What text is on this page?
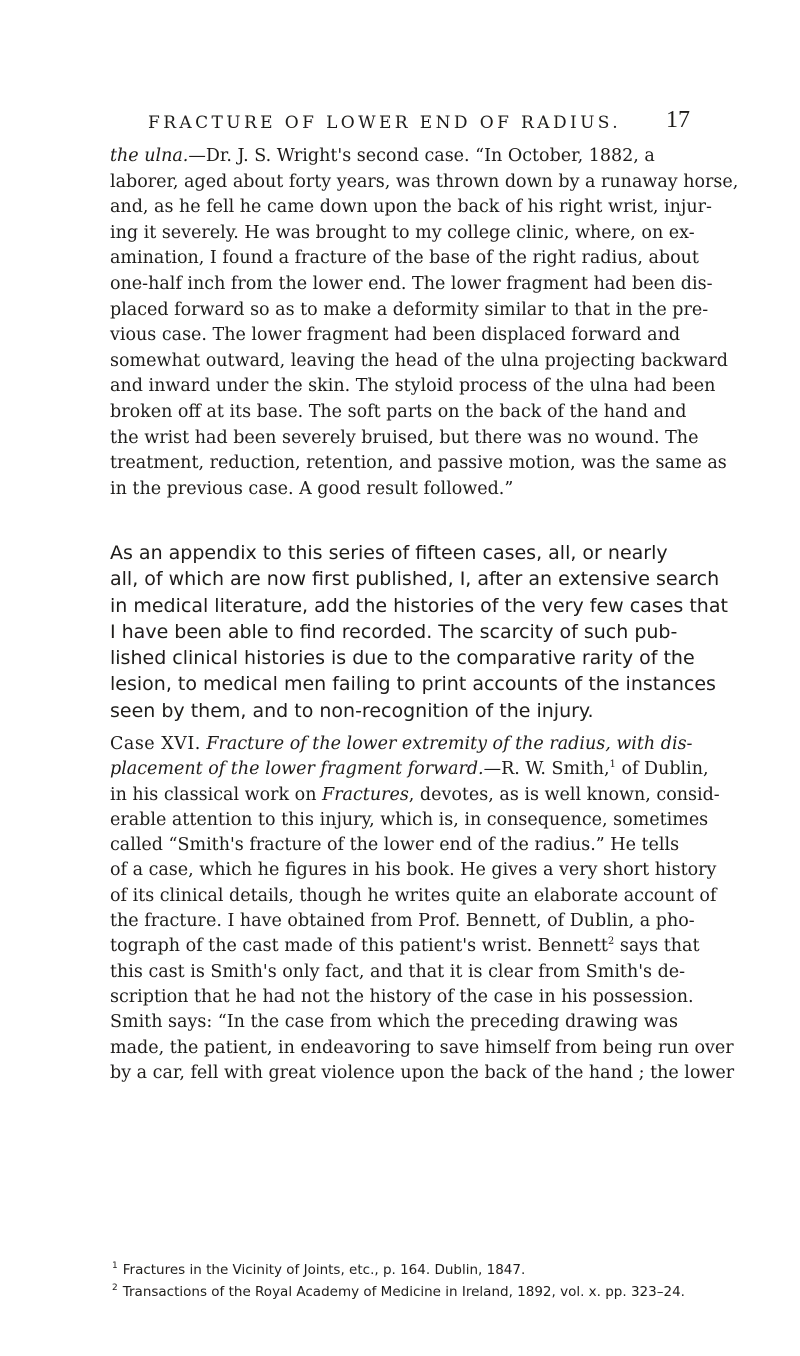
FRACTURE OF LOWER END OF RADIUS.	17
the ulna.—Dr. J. S. Wright's second case. “In October, 1882, a
laborer, aged about forty years, was thrown down by a runaway horse,
and, as he fell he came down upon the back of his right wrist, injur-
ing it severely. He was brought to my college clinic, where, on ex-
amination, I found a fracture of the base of the right radius, about
one-half inch from the lower end. The lower fragment had been dis-
placed forward so as to make a deformity similar to that in the pre-
vious case. The lower fragment had been displaced forward and
somewhat outward, leaving the head of the ulna projecting backward
and inward under the skin. The styloid process of the ulna had been
broken off at its base. The soft parts on the back of the hand and
the wrist had been severely bruised, but there was no wound. The
treatment, reduction, retention, and passive motion, was the same as
in the previous case. A good result followed.”
As an appendix to this series of fifteen cases, all, or nearly
all, of which are now first published, I, after an extensive search
in medical literature, add the histories of the very few cases that
I have been able to find recorded. The scarcity of such pub-
lished clinical histories is due to the comparative rarity of the
lesion, to medical men failing to print accounts of the instances
seen by them, and to non-recognition of the injury.
Case XVI. Fracture of the lower extremity of the radius, with dis-
placement of the lower fragment forward.—R. W. Smith,$^1$ of Dublin,
in his classical work on Fractures, devotes, as is well known, consid-
erable attention to this injury, which is, in consequence, sometimes
called “Smith's fracture of the lower end of the radius.” He tells
of a case, which he figures in his book. He gives a very short history
of its clinical details, though he writes quite an elaborate account of
the fracture. I have obtained from Prof. Bennett, of Dublin, a pho-
tograph of the cast made of this patient's wrist. Bennett$^2$ says that
this cast is Smith's only fact, and that it is clear from Smith's de-
scription that he had not the history of the case in his possession.
Smith says: “In the case from which the preceding drawing was
made, the patient, in endeavoring to save himself from being run over
by a car, fell with great violence upon the back of the hand ; the lower
$^1$ Fractures in the Vicinity of Joints, etc., p. 164. Dublin, 1847.
$^2$ Transactions of the Royal Academy of Medicine in Ireland, 1892, vol. x. pp. 323–24.
